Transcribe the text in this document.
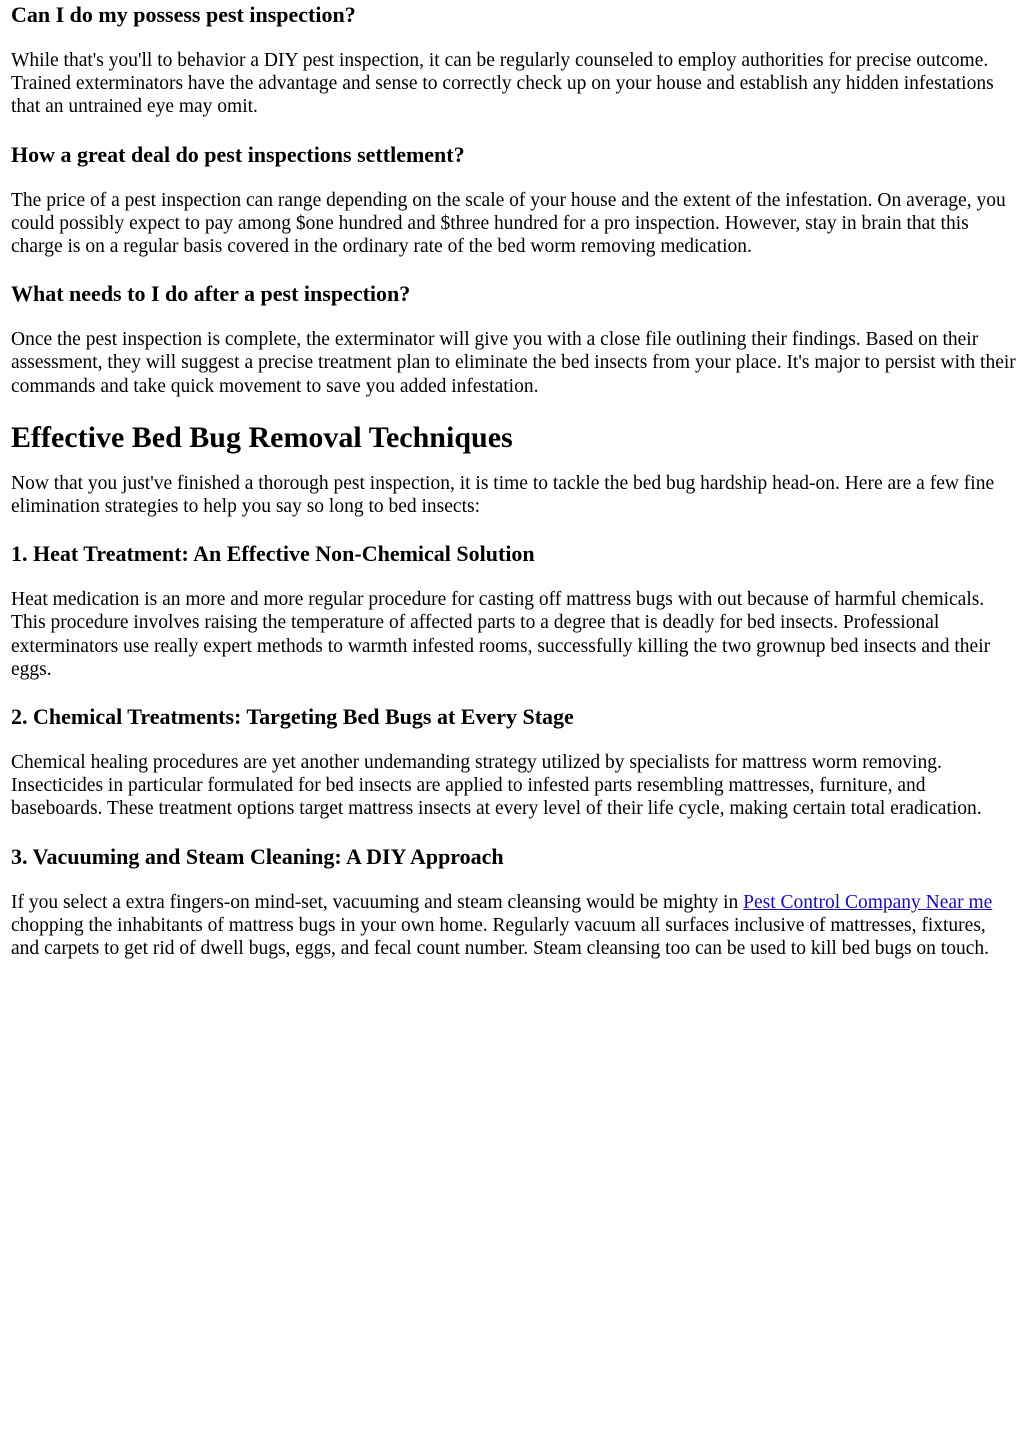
Can I do my possess pest inspection?

While that's you'll to behavior a DIY pest inspection, it can be regularly counseled to employ authorities for precise outcome. Trained exterminators have the advantage and sense to correctly check up on your house and establish any hidden infestations that an untrained eye may omit.

How a great deal do pest inspections settlement?

The price of a pest inspection can range depending on the scale of your house and the extent of the infestation. On average, you could possibly expect to pay among $one hundred and $three hundred for a pro inspection. However, stay in brain that this charge is on a regular basis covered in the ordinary rate of the bed worm removing medication.

What needs to I do after a pest inspection?

Once the pest inspection is complete, the exterminator will give you with a close file outlining their findings. Based on their assessment, they will suggest a precise treatment plan to eliminate the bed insects from your place. It's major to persist with their commands and take quick movement to save you added infestation.

Effective Bed Bug Removal Techniques

Now that you just've finished a thorough pest inspection, it is time to tackle the bed bug hardship head-on. Here are a few fine elimination strategies to help you say so long to bed insects:

1. Heat Treatment: An Effective Non-Chemical Solution

Heat medication is an more and more regular procedure for casting off mattress bugs with out because of harmful chemicals. This procedure involves raising the temperature of affected parts to a degree that is deadly for bed insects. Professional exterminators use really expert methods to warmth infested rooms, successfully killing the two grownup bed insects and their eggs.

2. Chemical Treatments: Targeting Bed Bugs at Every Stage

Chemical healing procedures are yet another undemanding strategy utilized by specialists for mattress worm removing. Insecticides in particular formulated for bed insects are applied to infested parts resembling mattresses, furniture, and baseboards. These treatment options target mattress insects at every level of their life cycle, making certain total eradication.

3. Vacuuming and Steam Cleaning: A DIY Approach

If you select a extra fingers-on mind-set, vacuuming and steam cleansing would be mighty in Pest Control Company Near me chopping the inhabitants of mattress bugs in your own home. Regularly vacuum all surfaces inclusive of mattresses, fixtures, and carpets to get rid of dwell bugs, eggs, and fecal count number. Steam cleansing too can be used to kill bed bugs on touch.
